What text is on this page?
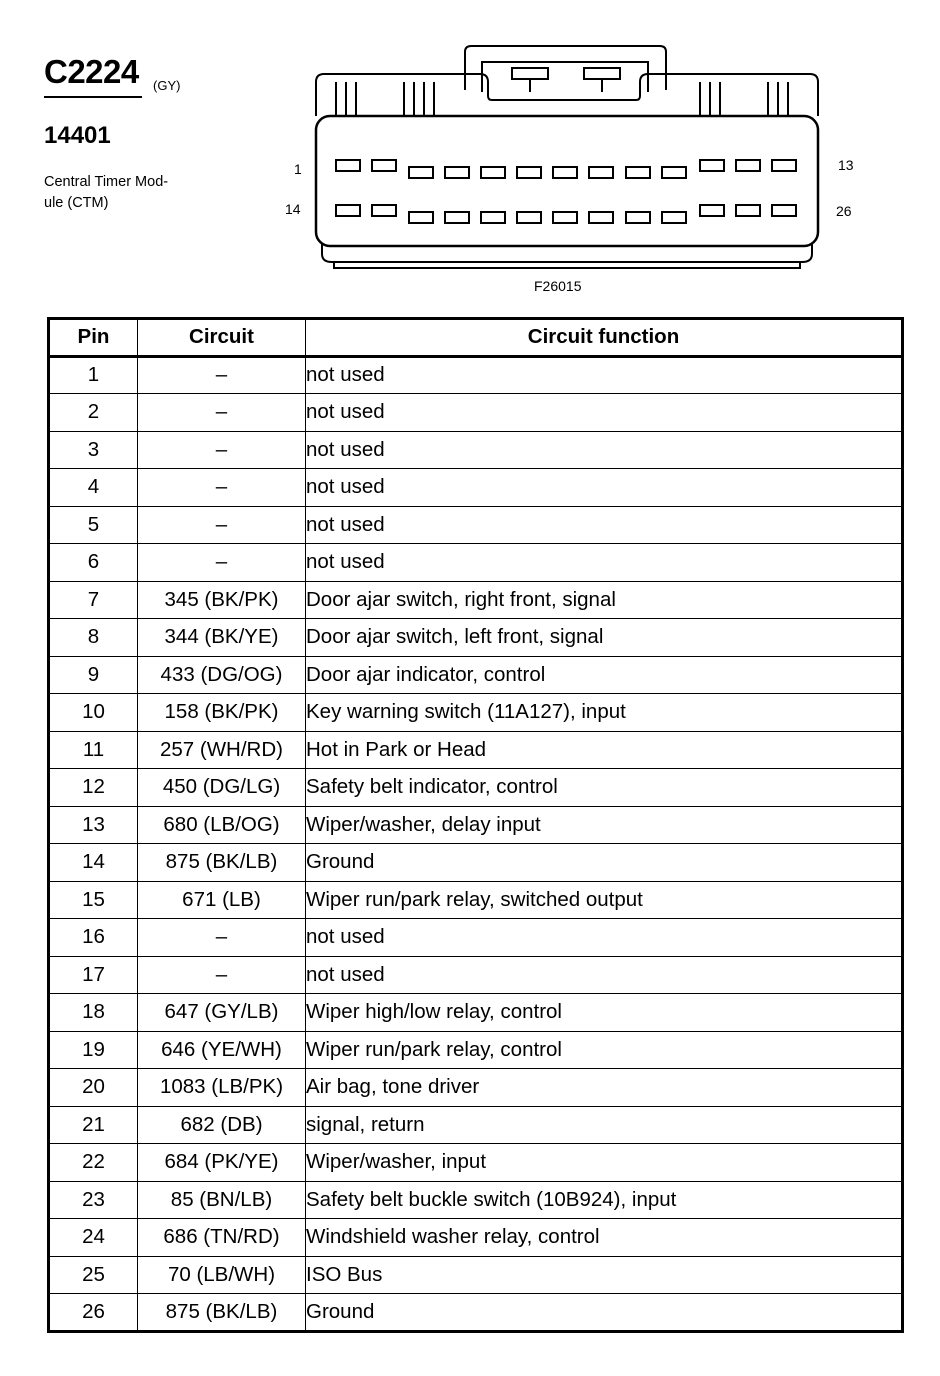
C2224 (GY)
14401
Central Timer Mod-
ule (CTM)
1	13
14	26
F26015
Pin	Circuit	Circuit function
1	–	not used
2	–	not used
3	–	not used
4	–	not used
5	–	not used
6	–	not used
7	345 (BK/PK)	Door ajar switch, right front, signal
8	344 (BK/YE)	Door ajar switch, left front, signal
9	433 (DG/OG)	Door ajar indicator, control
10	158 (BK/PK)	Key warning switch (11A127), input
11	257 (WH/RD)	Hot in Park or Head
12	450 (DG/LG)	Safety belt indicator, control
13	680 (LB/OG)	Wiper/washer, delay input
14	875 (BK/LB)	Ground
15	671 (LB)	Wiper run/park relay, switched output
16	–	not used
17	–	not used
18	647 (GY/LB)	Wiper high/low relay, control
19	646 (YE/WH)	Wiper run/park relay, control
20	1083 (LB/PK)	Air bag, tone driver
21	682 (DB)	signal, return
22	684 (PK/YE)	Wiper/washer, input
23	85 (BN/LB)	Safety belt buckle switch (10B924), input
24	686 (TN/RD)	Windshield washer relay, control
25	70 (LB/WH)	ISO Bus
26	875 (BK/LB)	Ground
